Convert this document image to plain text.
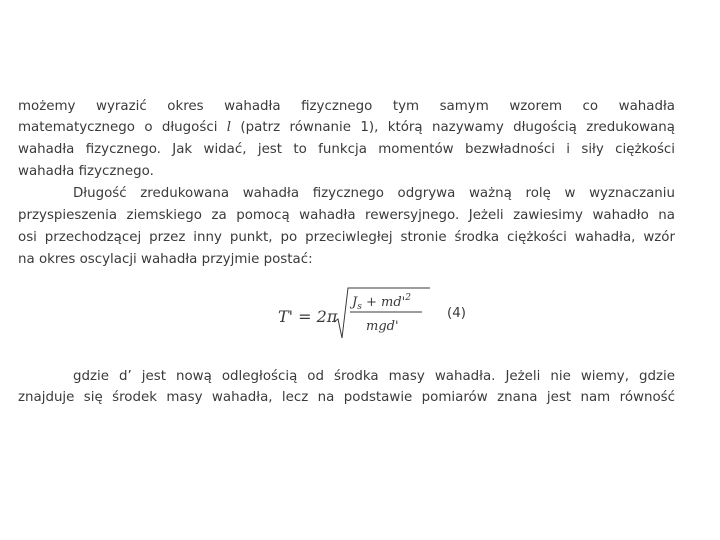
możemy wyrazić okres wahadła fizycznego tym samym wzorem co wahadła
matematycznego o długości l (patrz równanie 1), którą nazywamy długością zredukowaną
wahadła fizycznego. Jak widać, jest to funkcja momentów bezwładności i siły ciężkości
wahadła fizycznego.
Długość zredukowana wahadła fizycznego odgrywa ważną rolę w wyznaczaniu
przyspieszenia ziemskiego za pomocą wahadła rewersyjnego. Jeżeli zawiesimy wahadło na
osi przechodzącej przez inny punkt, po przeciwległej stronie środka ciężkości wahadła, wzór
na okres oscylacji wahadła przyjmie postać:
T' = 2π
$J_s + md'^2$
mgd'
(4)
gdzie d’ jest nową odległością od środka masy wahadła. Jeżeli nie wiemy, gdzie
znajduje się środek masy wahadła, lecz na podstawie pomiarów znana jest nam równość
